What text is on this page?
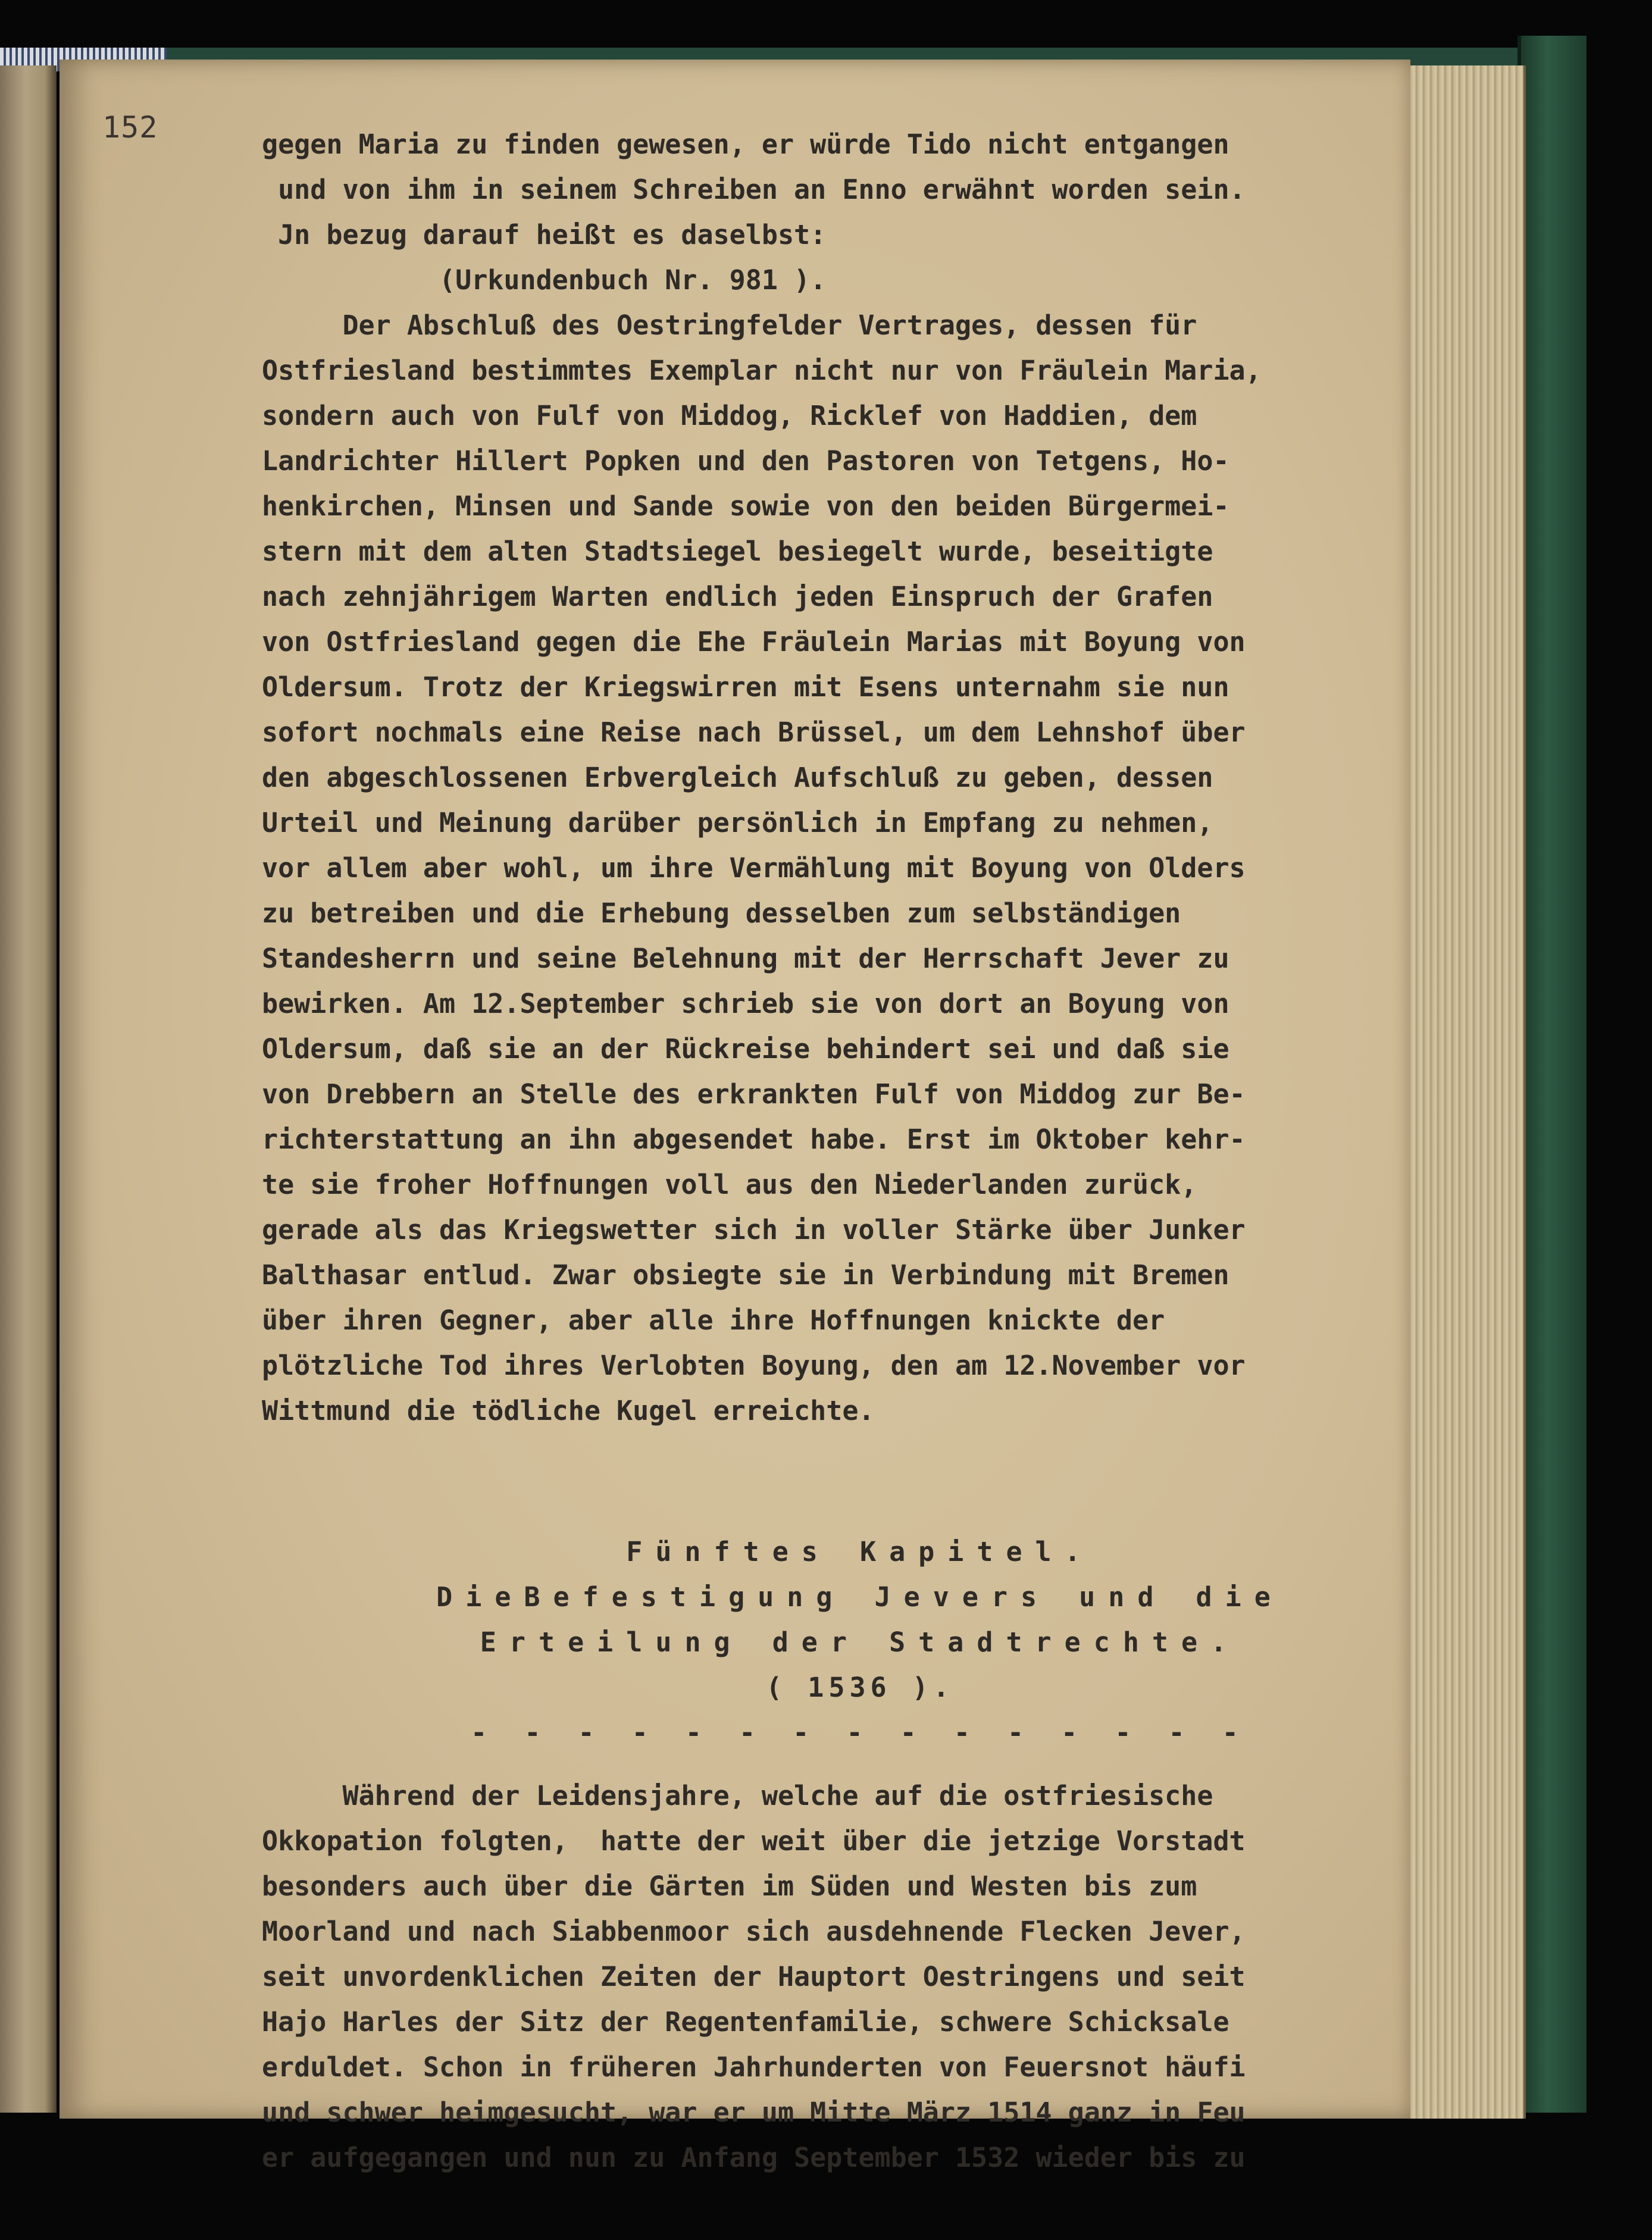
152	gegen Maria zu finden gewesen, er würde Tido nicht entgangen
und von ihm in seinem Schreiben an Enno erwähnt worden sein.
Jn bezug darauf heißt es daselbst:
(Urkundenbuch Nr. 981 ).
Der Abschluß des Oestringfelder Vertrages, dessen für
Ostfriesland bestimmtes Exemplar nicht nur von Fräulein Maria,
sondern auch von Fulf von Middog, Ricklef von Haddien, dem
Landrichter Hillert Popken und den Pastoren von Tetgens, Ho-
henkirchen, Minsen und Sande sowie von den beiden Bürgermei-
stern mit dem alten Stadtsiegel besiegelt wurde, beseitigte
nach zehnjährigem Warten endlich jeden Einspruch der Grafen
von Ostfriesland gegen die Ehe Fräulein Marias mit Boyung von
Oldersum. Trotz der Kriegswirren mit Esens unternahm sie nun
sofort nochmals eine Reise nach Brüssel, um dem Lehnshof über
den abgeschlossenen Erbvergleich Aufschluß zu geben, dessen
Urteil und Meinung darüber persönlich in Empfang zu nehmen,
vor allem aber wohl, um ihre Vermählung mit Boyung von Olders
zu betreiben und die Erhebung desselben zum selbständigen
Standesherrn und seine Belehnung mit der Herrschaft Jever zu
bewirken. Am 12.September schrieb sie von dort an Boyung von
Oldersum, daß sie an der Rückreise behindert sei und daß sie
von Drebbern an Stelle des erkrankten Fulf von Middog zur Be-
richterstattung an ihn abgesendet habe. Erst im Oktober kehr-
te sie froher Hoffnungen voll aus den Niederlanden zurück,
gerade als das Kriegswetter sich in voller Stärke über Junker
Balthasar entlud. Zwar obsiegte sie in Verbindung mit Bremen
über ihren Gegner, aber alle ihre Hoffnungen knickte der
plötzliche Tod ihres Verlobten Boyung, den am 12.November vor
Wittmund die tödliche Kugel erreichte.
Fünftes Kapitel.
DieBefestigung Jevers und die
Erteilung der Stadtrechte.
( 1536 ).
- - - - - - - - - - - - - - -
Während der Leidensjahre, welche auf die ostfriesische
Okkopation folgten,  hatte der weit über die jetzige Vorstadt
besonders auch über die Gärten im Süden und Westen bis zum
Moorland und nach Siabbenmoor sich ausdehnende Flecken Jever,
seit unvordenklichen Zeiten der Hauptort Oestringens und seit
Hajo Harles der Sitz der Regentenfamilie, schwere Schicksale
erduldet. Schon in früheren Jahrhunderten von Feuersnot häufi
und schwer heimgesucht, war er um Mitte März 1514 ganz in Feu
er aufgegangen und nun zu Anfang September 1532 wieder bis zu
